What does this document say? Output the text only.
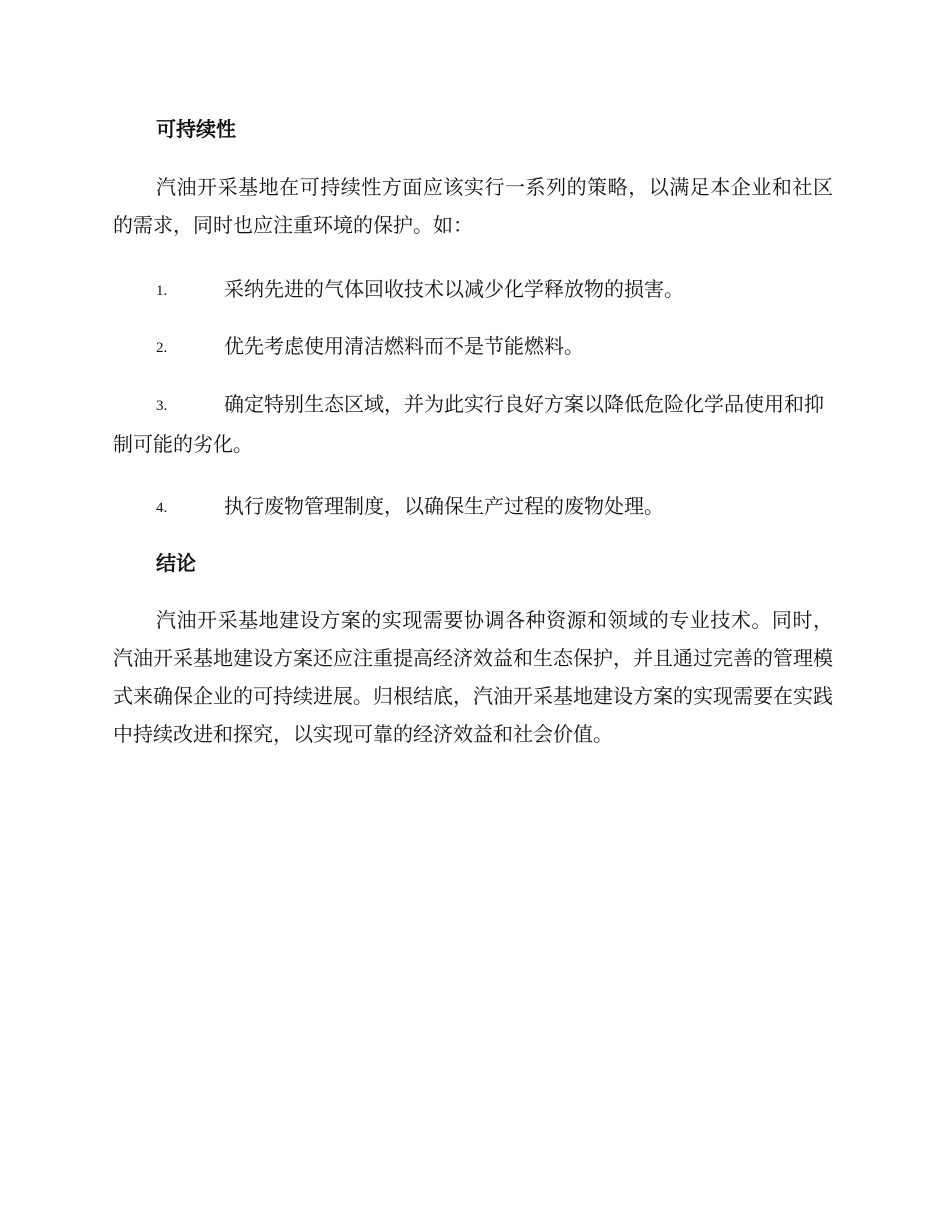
可持续性

汽油开采基地在可持续性方面应该实行一系列的策略，以满足本企业和社区的需求，同时也应注重环境的保护。如：

1.	采纳先进的气体回收技术以减少化学释放物的损害。

2.	优先考虑使用清洁燃料而不是节能燃料。

3.	确定特别生态区域，并为此实行良好方案以降低危险化学品使用和抑制可能的劣化。

4.	执行废物管理制度，以确保生产过程的废物处理。

结论

汽油开采基地建设方案的实现需要协调各种资源和领域的专业技术。同时，汽油开采基地建设方案还应注重提高经济效益和生态保护，并且通过完善的管理模式来确保企业的可持续进展。归根结底，汽油开采基地建设方案的实现需要在实践中持续改进和探究，以实现可靠的经济效益和社会价值。
